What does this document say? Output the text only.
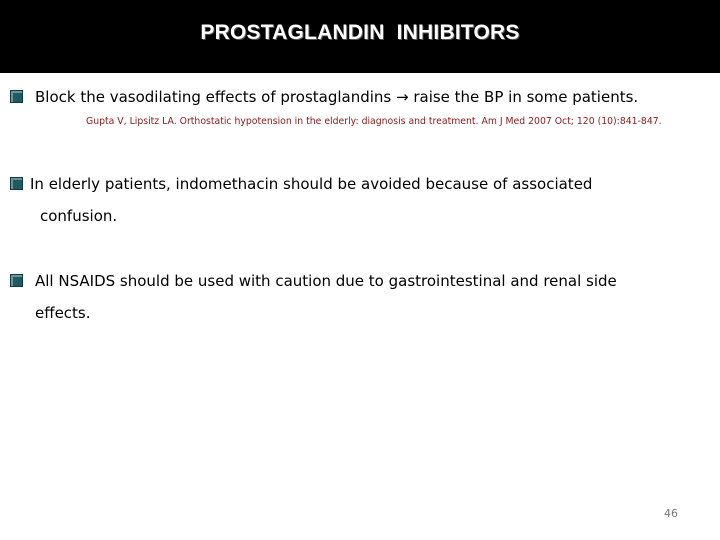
PROSTAGLANDIN  INHIBITORS
Block the vasodilating effects of prostaglandins → raise the BP in some patients.
Gupta V, Lipsitz LA. Orthostatic hypotension in the elderly: diagnosis and treatment. Am J Med 2007 Oct; 120 (10):841-847.
In elderly patients, indomethacin should be avoided because of associated
confusion.
All NSAIDS should be used with caution due to gastrointestinal and renal side
effects.
46
